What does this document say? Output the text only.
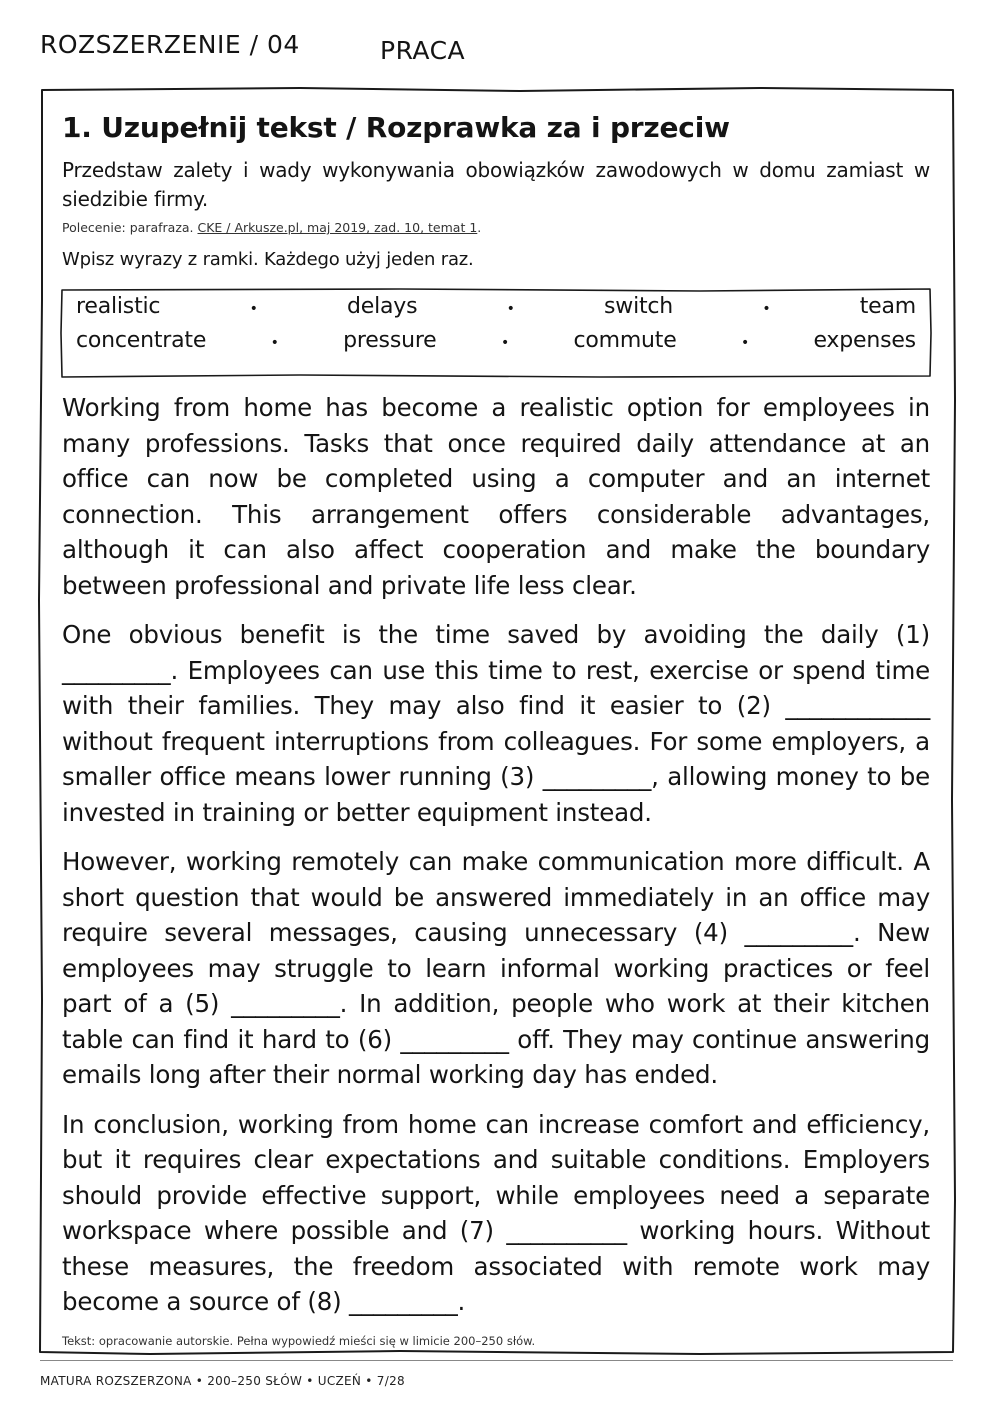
ROZSZERZENIE / 04	PRACA
1. Uzupełnij tekst / Rozprawka za i przeciw

Przedstaw zalety i wady wykonywania obowiązków zawodowych w domu zamiast w siedzibie firmy.

Polecenie: parafraza. CKE / Arkusze.pl, maj 2019, zad. 10, temat 1.
Wpisz wyrazy z ramki. Każdego użyj jeden raz.
realistic	•	delays	•	switch	•	team
concentrate	•	pressure	•	commute	•	expenses

Working from home has become a realistic option for employees in many professions. Tasks that once required daily attendance at an office can now be completed using a computer and an internet connection. This arrangement offers considerable advantages, although it can also affect cooperation and make the boundary between professional and private life less clear.

One obvious benefit is the time saved by avoiding the daily (1) _________. Employees can use this time to rest, exercise or spend time with their families. They may also find it easier to (2) ____________ without frequent interruptions from colleagues. For some employers, a smaller office means lower running (3) _________, allowing money to be invested in training or better equipment instead.

However, working remotely can make communication more difficult. A short question that would be answered immediately in an office may require several messages, causing unnecessary (4) _________. New employees may struggle to learn informal working practices or feel part of a (5) _________. In addition, people who work at their kitchen table can find it hard to (6) _________ off. They may continue answering emails long after their normal working day has ended.

In conclusion, working from home can increase comfort and efficiency, but it requires clear expectations and suitable conditions. Employers should provide effective support, while employees need a separate workspace where possible and (7) __________ working hours. Without these measures, the freedom associated with remote work may become a source of (8) _________.

Tekst: opracowanie autorskie. Pełna wypowiedź mieści się w limicie 200–250 słów.
MATURA ROZSZERZONA • 200–250 SŁÓW • UCZEŃ • 7/28
